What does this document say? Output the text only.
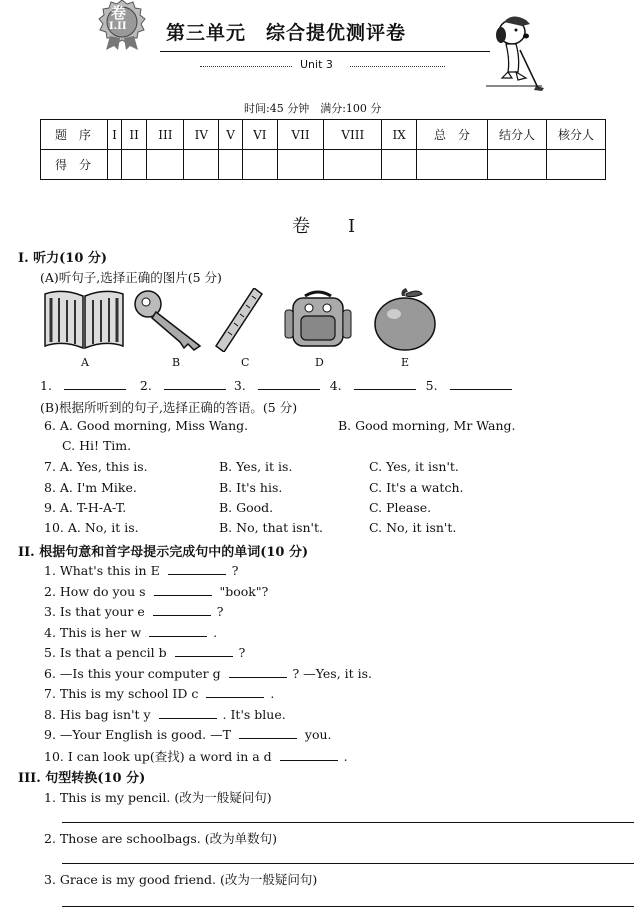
卷
I.II 第三单元　综合提优测评卷
Unit 3
时间:45 分钟　满分:100 分
题序	I	II	III	IV	V	VI	VII	VIII	IX	总　分	结分人	核分人
得分												
卷　I
I. 听力(10 分)
(A)听句子,选择正确的图片(5 分)
A	B	C	D	E
1.	2.	3.	4.	5.
(B)根据所听到的句子,选择正确的答语。(5 分)
6. A. Good morning, Miss Wang.	B. Good morning, Mr Wang.
C. Hi! Tim.
7. A. Yes, this is.	B. Yes, it is.	C. Yes, it isn't.
8. A. I'm Mike.	B. It's his.	C. It's a watch.
9. A. T-H-A-T.	B. Good.	C. Please.
10. A. No, it is.	B. No, that isn't.	C. No, it isn't.
II. 根据句意和首字母提示完成句中的单词(10 分)
1. What's this in E	?
2. How do you s	"book"?
3. Is that your e	?
4. This is her w	.
5. Is that a pencil b	?
6. —Is this your computer g	? —Yes, it is.
7. This is my school ID c	.
8. His bag isn't y	. It's blue.
9. —Your English is good. —T	you.
10. I can look up(查找) a word in a d	.
III. 句型转换(10 分)
1. This is my pencil. (改为一般疑问句)
2. Those are schoolbags. (改为单数句)
3. Grace is my good friend. (改为一般疑问句)
